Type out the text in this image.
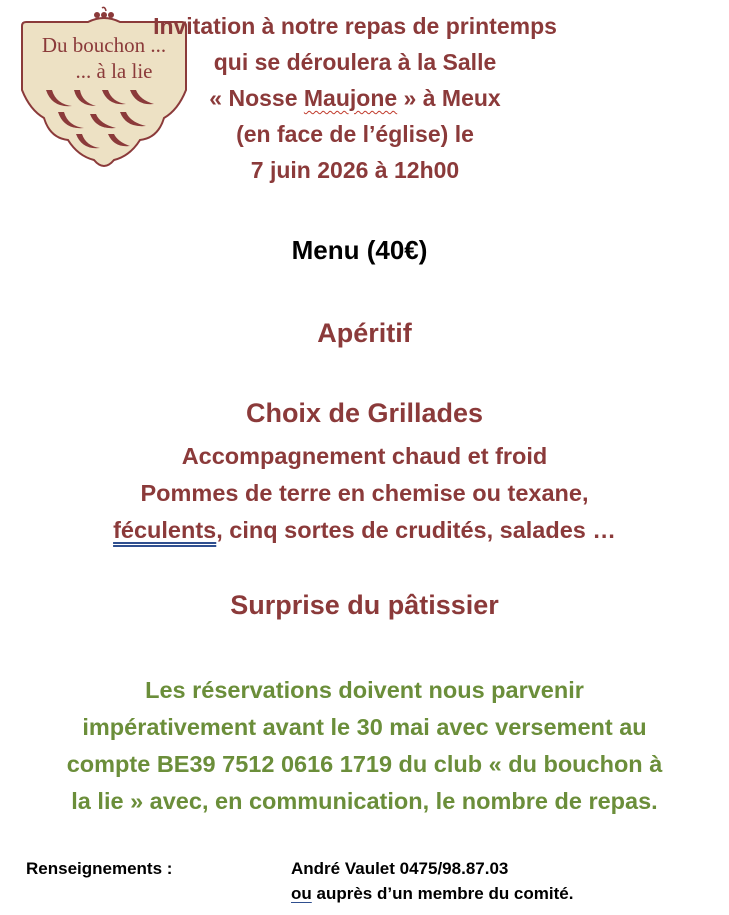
Du bouchon ...
... à la lie
Invitation à notre repas de printemps
qui se déroulera à la Salle
« Nosse Maujone » à Meux
(en face de l’église) le
7 juin 2026 à 12h00
Menu (40€)
Apéritif
Choix de Grillades
Accompagnement chaud et froid
Pommes de terre en chemise ou texane,
féculents, cinq sortes de crudités, salades …
Surprise du pâtissier
Les réservations doivent nous parvenir
impérativement avant le 30 mai avec versement au
compte BE39 7512 0616 1719 du club « du bouchon à
la lie » avec, en communication, le nombre de repas.
Renseignements :	André Vaulet 0475/98.87.03
ou auprès d’un membre du comité.
